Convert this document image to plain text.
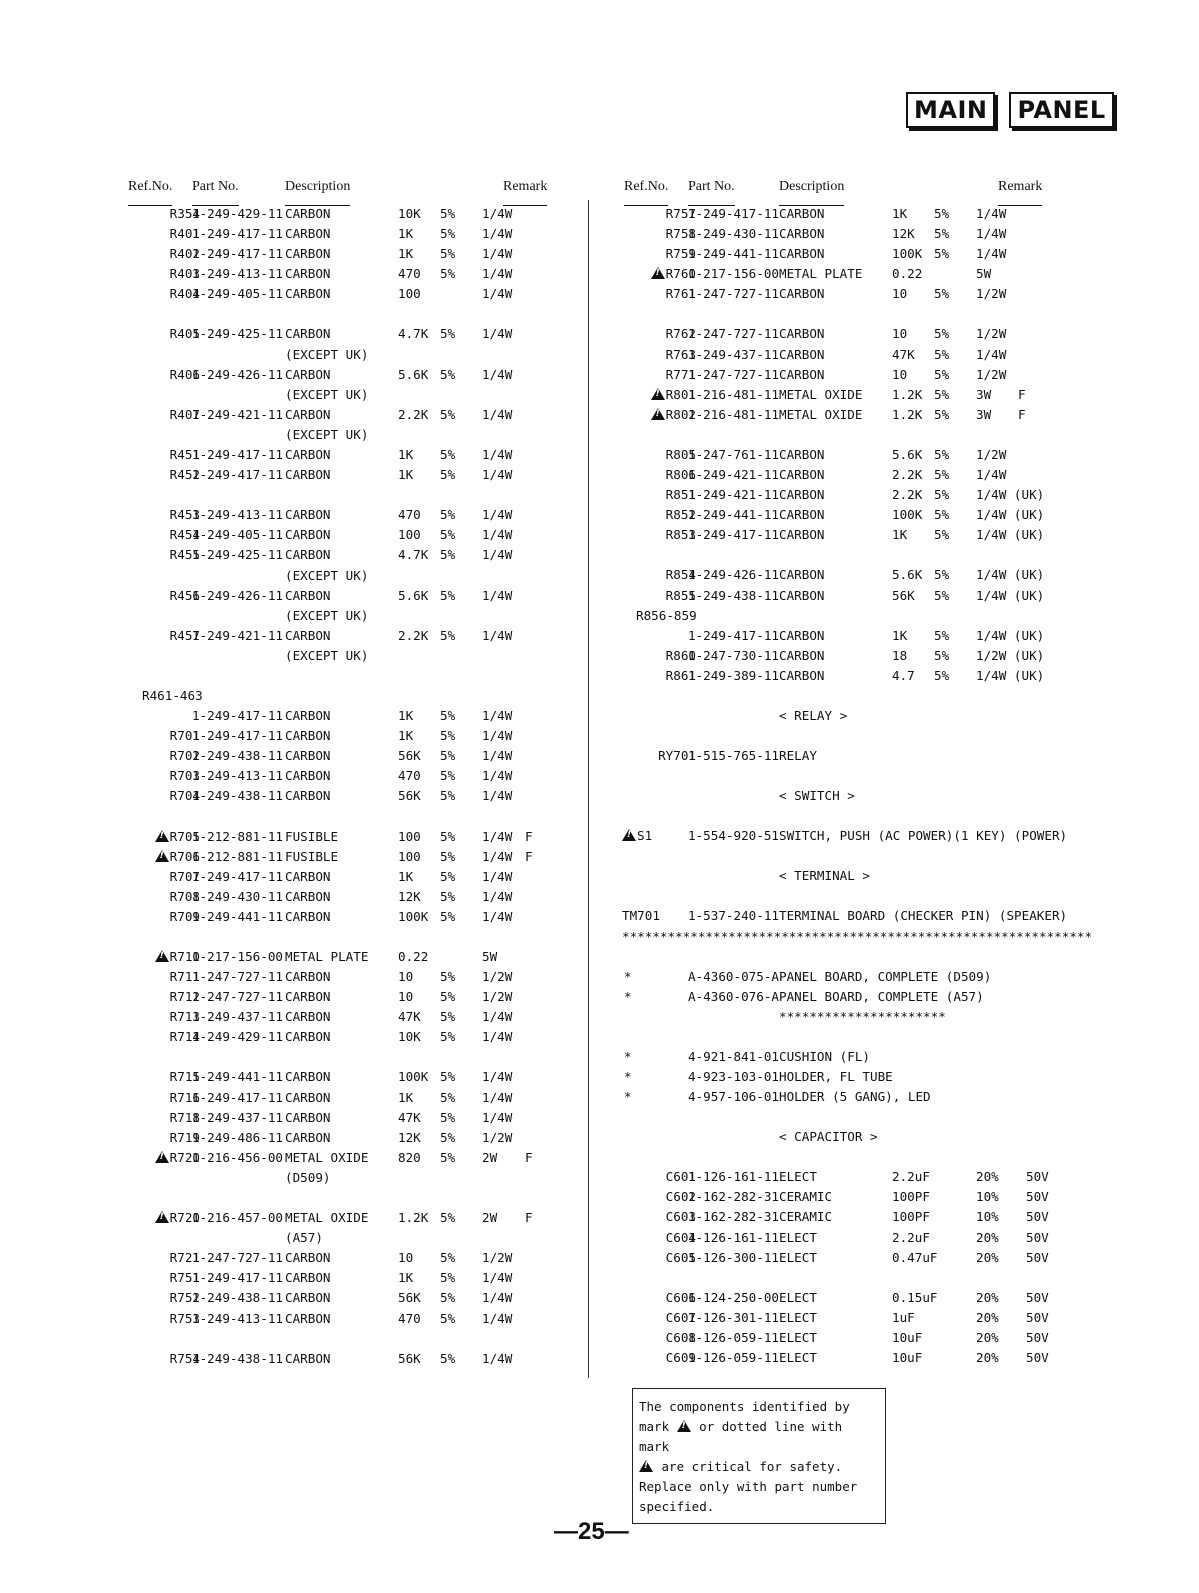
MAIN	PANEL
Ref.No. Part No.	Description	Remark
R354
1-249-429-11 CARBON	10K 5% 1/4W
R401
1-249-417-11 CARBON	1K 5% 1/4W
R402
1-249-417-11 CARBON	1K 5% 1/4W
R403
1-249-413-11 CARBON	470 5% 1/4W
R404
1-249-405-11 CARBON	100	1/4W
R405
1-249-425-11 CARBON	4.7K 5% 1/4W
(EXCEPT UK)
R406
1-249-426-11 CARBON	5.6K 5% 1/4W
(EXCEPT UK)
R407
1-249-421-11 CARBON	2.2K 5% 1/4W
(EXCEPT UK)
R451
1-249-417-11 CARBON	1K 5% 1/4W
R452
1-249-417-11 CARBON	1K 5% 1/4W
R453
1-249-413-11 CARBON	470 5% 1/4W
R454
1-249-405-11 CARBON	100 5% 1/4W
R455
1-249-425-11 CARBON	4.7K 5% 1/4W
(EXCEPT UK)
R456
1-249-426-11 CARBON	5.6K 5% 1/4W
(EXCEPT UK)
R457
1-249-421-11 CARBON	2.2K 5% 1/4W
(EXCEPT UK)
R461-463
1-249-417-11 CARBON	1K 5% 1/4W
R701
1-249-417-11 CARBON	1K 5% 1/4W
R702
1-249-438-11 CARBON	56K 5% 1/4W
R703
1-249-413-11 CARBON	470 5% 1/4W
R704
1-249-438-11 CARBON	56K 5% 1/4W
!R705
1-212-881-11 FUSIBLE	100 5% 1/4W F
!R706
1-212-881-11 FUSIBLE	100 5% 1/4W F
R707
1-249-417-11 CARBON	1K 5% 1/4W
R708
1-249-430-11 CARBON	12K 5% 1/4W
R709
1-249-441-11 CARBON	100K 5% 1/4W
!R710
1-217-156-00 METAL PLATE 0.22	5W
R711
1-247-727-11 CARBON	10 5% 1/2W
R712
1-247-727-11 CARBON	10 5% 1/2W
R713
1-249-437-11 CARBON	47K 5% 1/4W
R714
1-249-429-11 CARBON	10K 5% 1/4W
R715
1-249-441-11 CARBON	100K 5% 1/4W
R716
1-249-417-11 CARBON	1K 5% 1/4W
R718
1-249-437-11 CARBON	47K 5% 1/4W
R719
1-249-486-11 CARBON	12K 5% 1/2W
!R720
1-216-456-00 METAL OXIDE 820 5% 2W F
(D509)
!R720
1-216-457-00 METAL OXIDE 1.2K 5% 2W F
(A57)
R721
1-247-727-11 CARBON	10 5% 1/2W
R751
1-249-417-11 CARBON	1K 5% 1/4W
R752
1-249-438-11 CARBON	56K 5% 1/4W
R753
1-249-413-11 CARBON	470 5% 1/4W
R754
1-249-438-11 CARBON	56K 5% 1/4W
Ref.No. Part No.	Description	Remark
R757
1-249-417-11 CARBON	1K 5% 1/4W
R758
1-249-430-11 CARBON	12K 5% 1/4W
R759
1-249-441-11 CARBON	100K 5% 1/4W
!R760
1-217-156-00 METAL PLATE 0.22	5W
R761
1-247-727-11 CARBON	10 5% 1/2W
R762
1-247-727-11 CARBON	10 5% 1/2W
R763
1-249-437-11 CARBON	47K 5% 1/4W
R771
1-247-727-11 CARBON	10 5% 1/2W
!R801
1-216-481-11 METAL OXIDE 1.2K 5% 3W F
!R802
1-216-481-11 METAL OXIDE 1.2K 5% 3W F
R805
1-247-761-11 CARBON	5.6K 5% 1/2W
R806
1-249-421-11 CARBON	2.2K 5% 1/4W
R851
1-249-421-11 CARBON	2.2K 5% 1/4W (UK)
R852
1-249-441-11 CARBON	100K 5% 1/4W (UK)
R853
1-249-417-11 CARBON	1K 5% 1/4W (UK)
R854
1-249-426-11 CARBON	5.6K 5% 1/4W (UK)
R855
1-249-438-11 CARBON	56K 5% 1/4W (UK)
R856-859
1-249-417-11 CARBON	1K 5% 1/4W (UK)
R860
1-247-730-11 CARBON	18 5% 1/2W (UK)
R861
1-249-389-11 CARBON	4.7 5% 1/4W (UK)
< RELAY >
RY701
1-515-765-11 RELAY
< SWITCH >
!S1	1-554-920-51 SWITCH, PUSH (AC POWER)(1 KEY) (POWER)
< TERMINAL >
TM701 1-537-240-11 TERMINAL BOARD (CHECKER PIN) (SPEAKER)
**************************************************************
*	A-4360-075-A PANEL BOARD, COMPLETE (D509)
*	A-4360-076-A PANEL BOARD, COMPLETE (A57)
**********************
*	4-921-841-01 CUSHION (FL)
*	4-923-103-01 HOLDER, FL TUBE
*	4-957-106-01 HOLDER (5 GANG), LED
< CAPACITOR >
C601
1-126-161-11 ELECT	2.2uF	20% 50V
C602
1-162-282-31 CERAMIC	100PF	10% 50V
C603
1-162-282-31 CERAMIC	100PF	10% 50V
C604
1-126-161-11 ELECT	2.2uF	20% 50V
C605
1-126-300-11 ELECT	0.47uF	20% 50V
C606
1-124-250-00 ELECT	0.15uF	20% 50V
C607
1-126-301-11 ELECT	1uF	20% 50V
C608
1-126-059-11 ELECT	10uF	20% 50V
C609
1-126-059-11 ELECT	10uF	20% 50V
The components identified by
mark ! or dotted line with mark
! are critical for safety.
Replace only with part number
specified.
—25—
